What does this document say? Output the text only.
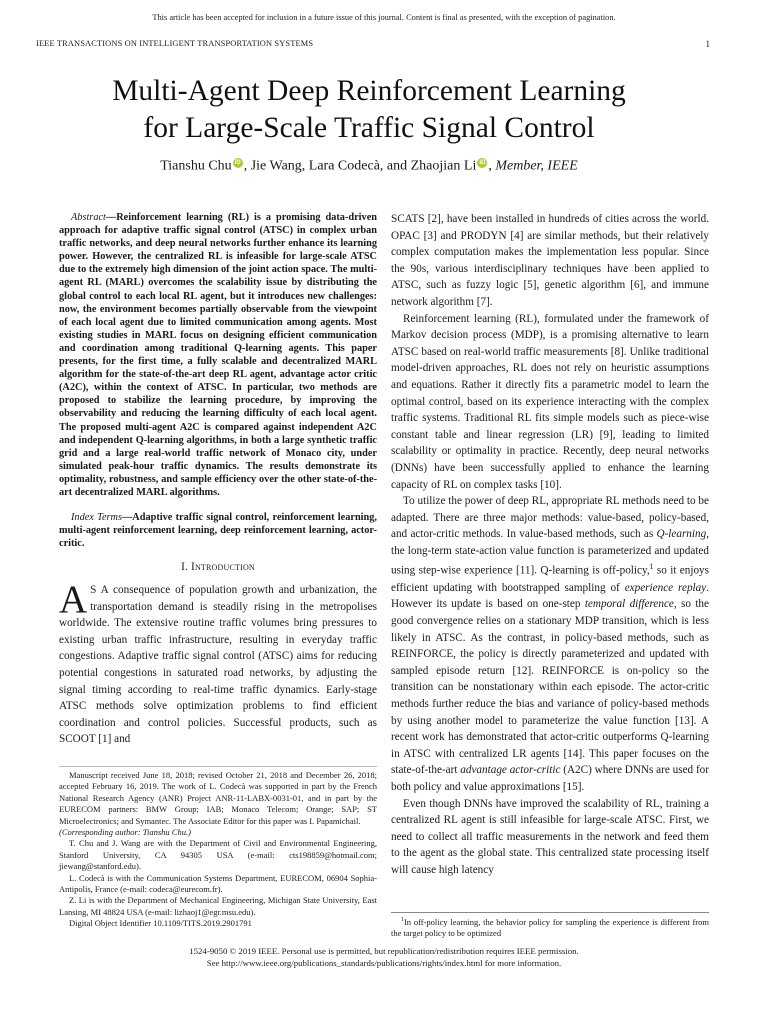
This article has been accepted for inclusion in a future issue of this journal. Content is final as presented, with the exception of pagination.
IEEE TRANSACTIONS ON INTELLIGENT TRANSPORTATION SYSTEMS	1
Multi-Agent Deep Reinforcement Learning
for Large-Scale Traffic Signal Control
Tianshu Chu iD , Jie Wang, Lara Codecà, and Zhaojian Li iD , Member, IEEE

Abstract—Reinforcement learning (RL) is a promising data-driven approach for adaptive traffic signal control (ATSC) in complex urban traffic networks, and deep neural networks further enhance its learning power. However, the centralized RL is infeasible for large-scale ATSC due to the extremely high dimension of the joint action space. The multi-agent RL (MARL) overcomes the scalability issue by distributing the global control to each local RL agent, but it introduces new challenges: now, the environment becomes partially observable from the viewpoint of each local agent due to limited communication among agents. Most existing studies in MARL focus on designing efficient communication and coordination among traditional Q-learning agents. This paper presents, for the first time, a fully scalable and decentralized MARL algorithm for the state-of-the-art deep RL agent, advantage actor critic (A2C), within the context of ATSC. In particular, two methods are proposed to stabilize the learning procedure, by improving the observability and reducing the learning difficulty of each local agent. The proposed multi-agent A2C is compared against independent A2C and independent Q-learning algorithms, in both a large synthetic traffic grid and a large real-world traffic network of Monaco city, under simulated peak-hour traffic dynamics. The results demonstrate its optimality, robustness, and sample efficiency over the other state-of-the-art decentralized MARL algorithms.

Index Terms—Adaptive traffic signal control, reinforcement learning, multi-agent reinforcement learning, deep reinforcement learning, actor-critic.

I. Introduction

A S A consequence of population growth and urbanization, the transportation demand is steadily rising in the metropolises worldwide. The extensive routine traffic volumes bring pressures to existing urban traffic infrastructure, resulting in everyday traffic congestions. Adaptive traffic signal control (ATSC) aims for reducing potential congestions in saturated road networks, by adjusting the signal timing according to real-time traffic dynamics. Early-stage ATSC methods solve optimization problems to find efficient coordination and control policies. Successful products, such as SCOOT [1] and

Manuscript received June 18, 2018; revised October 21, 2018 and December 26, 2018; accepted February 16, 2019. The work of L. Codecà was supported in part by the French National Research Agency (ANR) Project ANR-11-LABX-0031-01, and in part by the EURECOM partners: BMW Group; IAB; Monaco Telecom; Orange; SAP; ST Microelectronics; and Symantec. The Associate Editor for this paper was I. Papamichail.

(Corresponding author: Tianshu Chu.)

T. Chu and J. Wang are with the Department of Civil and Environmental Engineering, Stanford University, CA 94305 USA (e-mail: cts198859@hotmail.com; jiewang@stanford.edu).

L. Codecà is with the Communication Systems Department, EURECOM, 06904 Sophia-Antipolis, France (e-mail: codeca@eurecom.fr).

Z. Li is with the Department of Mechanical Engineering, Michigan State University, East Lansing, MI 48824 USA (e-mail: lizhaoj1@egr.msu.edu).

Digital Object Identifier 10.1109/TITS.2019.2901791

SCATS [2], have been installed in hundreds of cities across the world. OPAC [3] and PRODYN [4] are similar methods, but their relatively complex computation makes the implementation less popular. Since the 90s, various interdisciplinary techniques have been applied to ATSC, such as fuzzy logic [5], genetic algorithm [6], and immune network algorithm [7].

Reinforcement learning (RL), formulated under the framework of Markov decision process (MDP), is a promising alternative to learn ATSC based on real-world traffic measurements [8]. Unlike traditional model-driven approaches, RL does not rely on heuristic assumptions and equations. Rather it directly fits a parametric model to learn the optimal control, based on its experience interacting with the complex traffic systems. Traditional RL fits simple models such as piece-wise constant table and linear regression (LR) [9], leading to limited scalability or optimality in practice. Recently, deep neural networks (DNNs) have been successfully applied to enhance the learning capacity of RL on complex tasks [10].

To utilize the power of deep RL, appropriate RL methods need to be adapted. There are three major methods: value-based, policy-based, and actor-critic methods. In value-based methods, such as Q-learning, the long-term state-action value function is parameterized and updated using step-wise experience [11]. Q-learning is off-policy,$^1$ so it enjoys efficient updating with bootstrapped sampling of experience replay. However its update is based on one-step temporal difference, so the good convergence relies on a stationary MDP transition, which is less likely in ATSC. As the contrast, in policy-based methods, such as REINFORCE, the policy is directly parameterized and updated with sampled episode return [12]. REINFORCE is on-policy so the transition can be nonstationary within each episode. The actor-critic methods further reduce the bias and variance of policy-based methods by using another model to parameterize the value function [13]. A recent work has demonstrated that actor-critic outperforms Q-learning in ATSC with centralized LR agents [14]. This paper focuses on the state-of-the-art advantage actor-critic (A2C) where DNNs are used for both policy and value approximations [15].

Even though DNNs have improved the scalability of RL, training a centralized RL agent is still infeasible for large-scale ATSC. First, we need to collect all traffic measurements in the network and feed them to the agent as the global state. This centralized state processing itself will cause high latency

$^1$In off-policy learning, the behavior policy for sampling the experience is different from the target policy to be optimized

1524-9050 © 2019 IEEE. Personal use is permitted, but republication/redistribution requires IEEE permission.
See http://www.ieee.org/publications_standards/publications/rights/index.html for more information.
